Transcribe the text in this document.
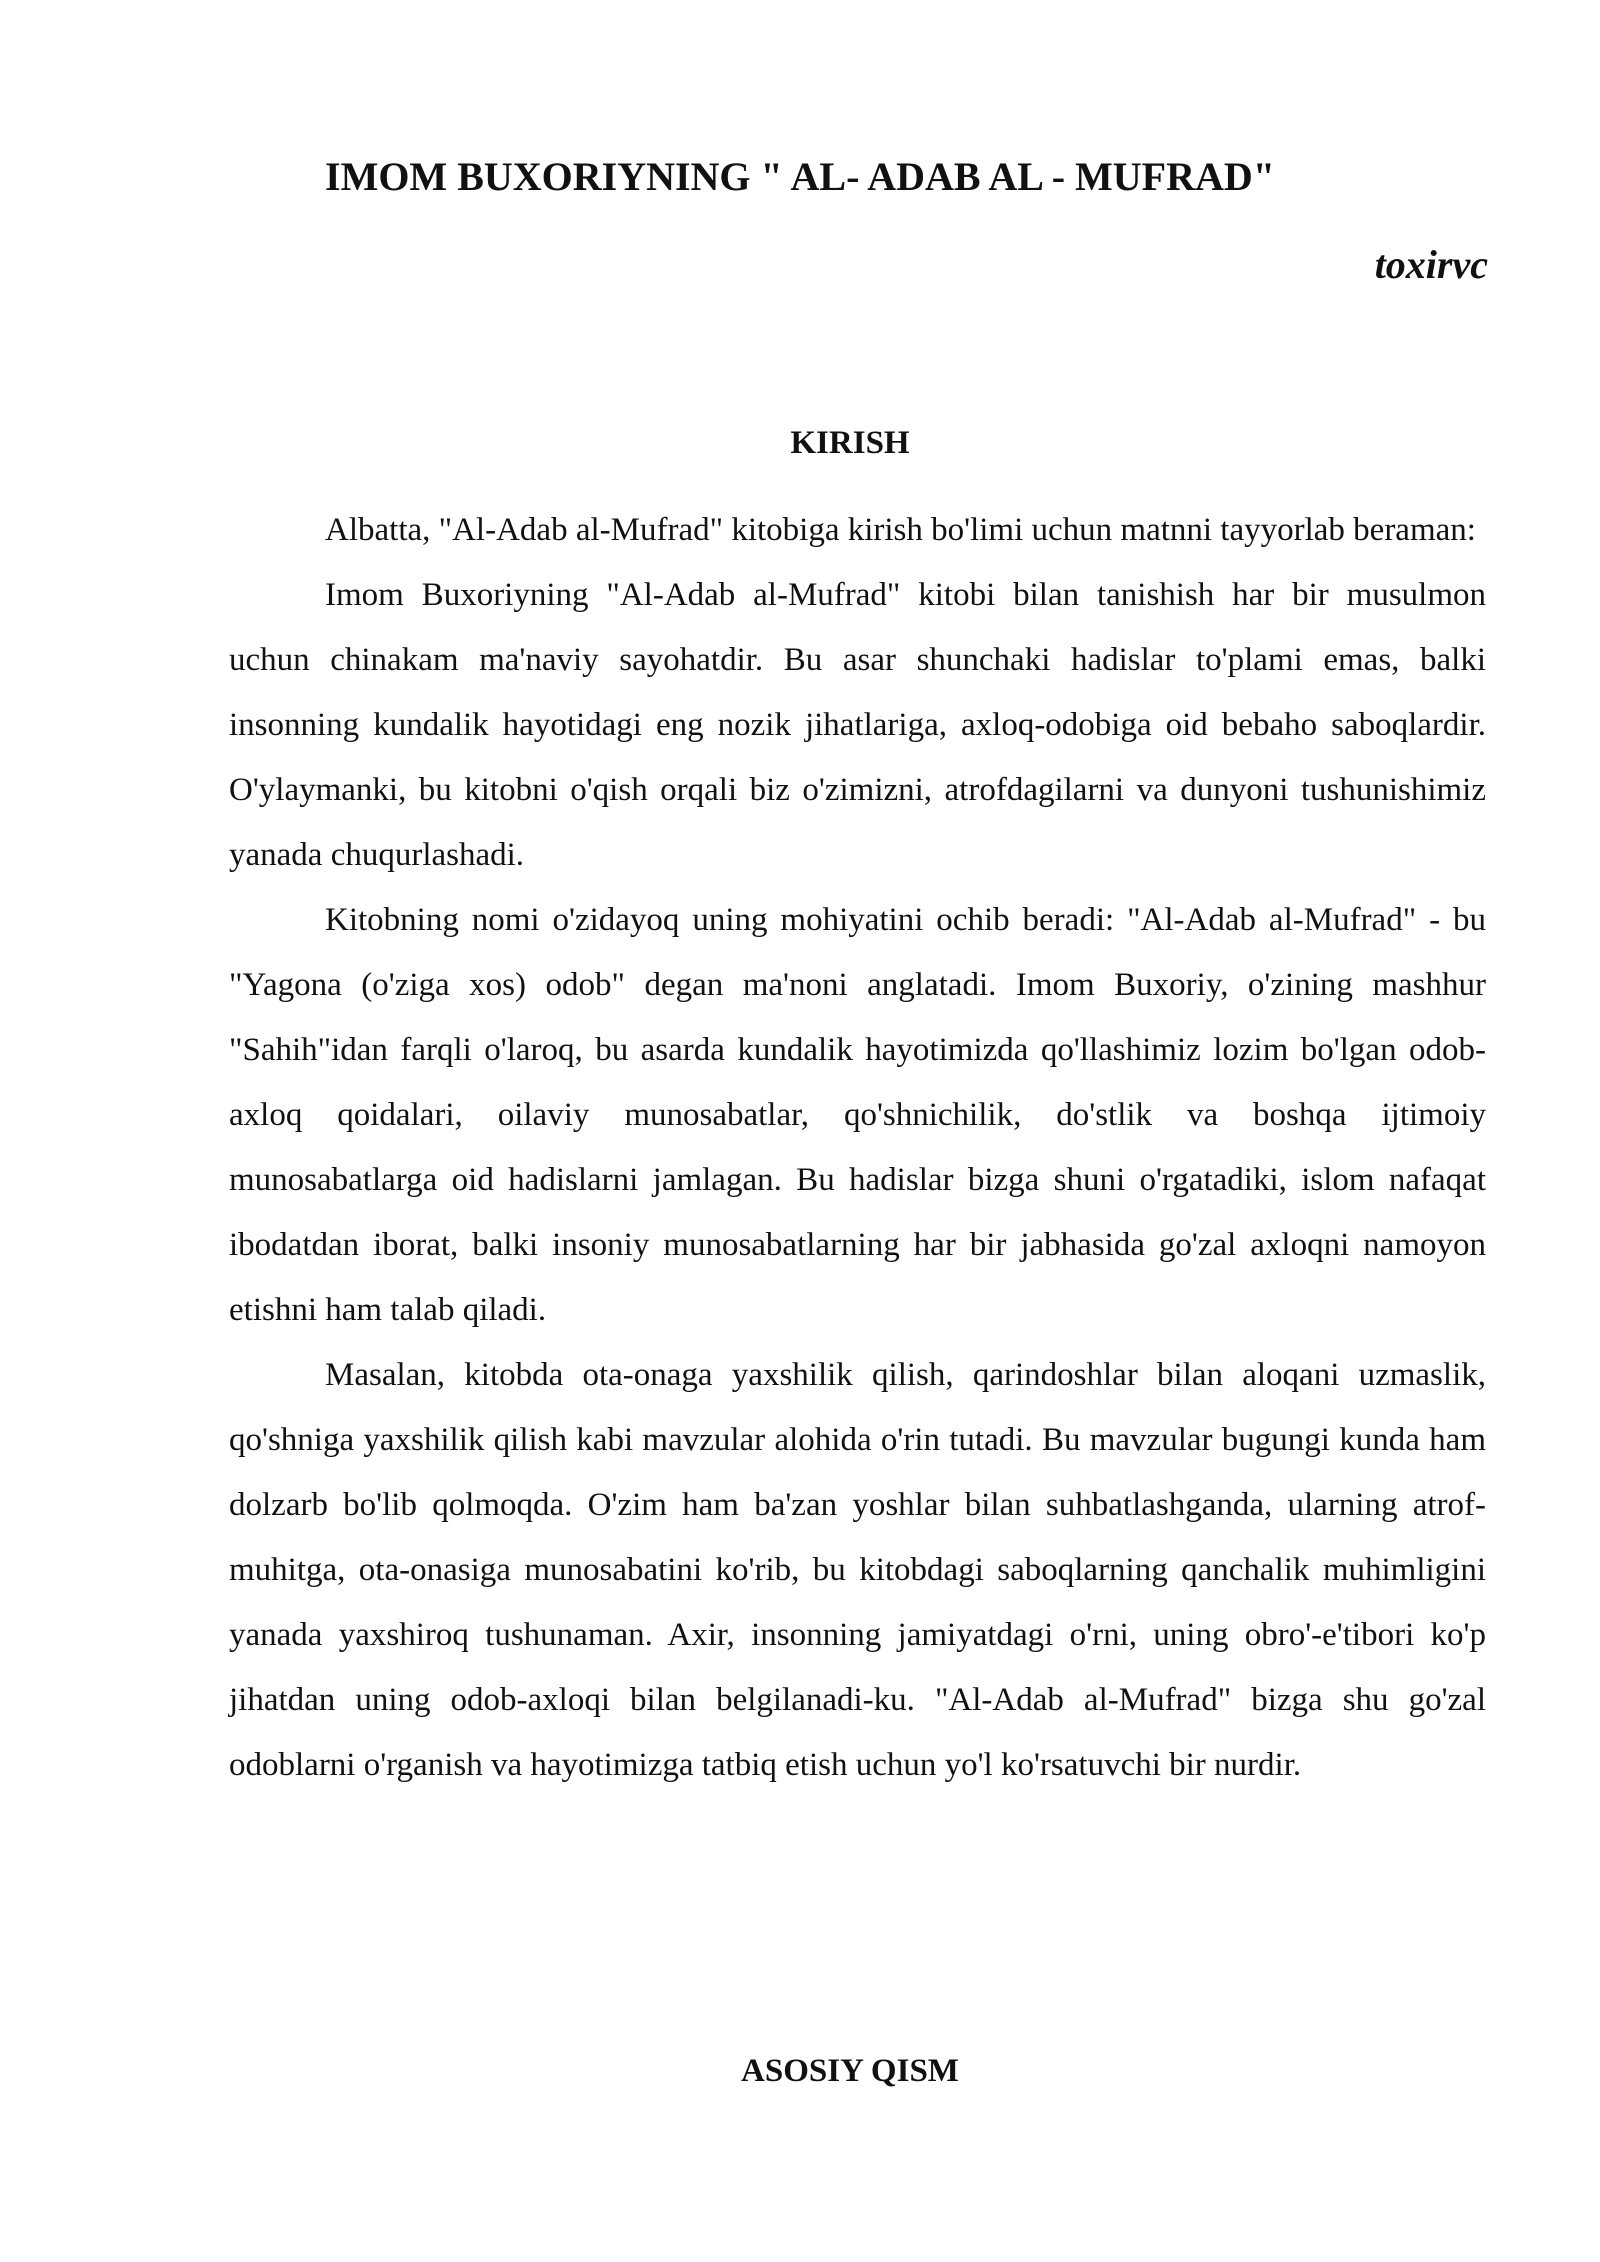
IMOM BUXORIYNING " AL- ADAB AL - MUFRAD"
toxirvc
KIRISH

Albatta, "Al-Adab al-Mufrad" kitobiga kirish bo'limi uchun matnni tayyorlab beraman:

Imom Buxoriyning "Al-Adab al-Mufrad" kitobi bilan tanishish har bir musulmon uchun chinakam ma'naviy sayohatdir. Bu asar shunchaki hadislar to'plami emas, balki insonning kundalik hayotidagi eng nozik jihatlariga, axloq-odobiga oid bebaho saboqlardir. O'ylaymanki, bu kitobni o'qish orqali biz o'zimizni, atrofdagilarni va dunyoni tushunishimiz yanada chuqurlashadi.

Kitobning nomi o'zidayoq uning mohiyatini ochib beradi: "Al-Adab al-Mufrad" - bu "Yagona (o'ziga xos) odob" degan ma'noni anglatadi. Imom Buxoriy, o'zining mashhur "Sahih"idan farqli o'laroq, bu asarda kundalik hayotimizda qo'llashimiz lozim bo'lgan odob-axloq qoidalari, oilaviy munosabatlar, qo'shnichilik, do'stlik va boshqa ijtimoiy munosabatlarga oid hadislarni jamlagan. Bu hadislar bizga shuni o'rgatadiki, islom nafaqat ibodatdan iborat, balki insoniy munosabatlarning har bir jabhasida go'zal axloqni namoyon etishni ham talab qiladi.

Masalan, kitobda ota-onaga yaxshilik qilish, qarindoshlar bilan aloqani uzmaslik, qo'shniga yaxshilik qilish kabi mavzular alohida o'rin tutadi. Bu mavzular bugungi kunda ham dolzarb bo'lib qolmoqda. O'zim ham ba'zan yoshlar bilan suhbatlashganda, ularning atrof-muhitga, ota-onasiga munosabatini ko'rib, bu kitobdagi saboqlarning qanchalik muhimligini yanada yaxshiroq tushunaman. Axir, insonning jamiyatdagi o'rni, uning obro'-e'tibori ko'p jihatdan uning odob-axloqi bilan belgilanadi-ku. "Al-Adab al-Mufrad" bizga shu go'zal odoblarni o'rganish va hayotimizga tatbiq etish uchun yo'l ko'rsatuvchi bir nurdir.

ASOSIY QISM
